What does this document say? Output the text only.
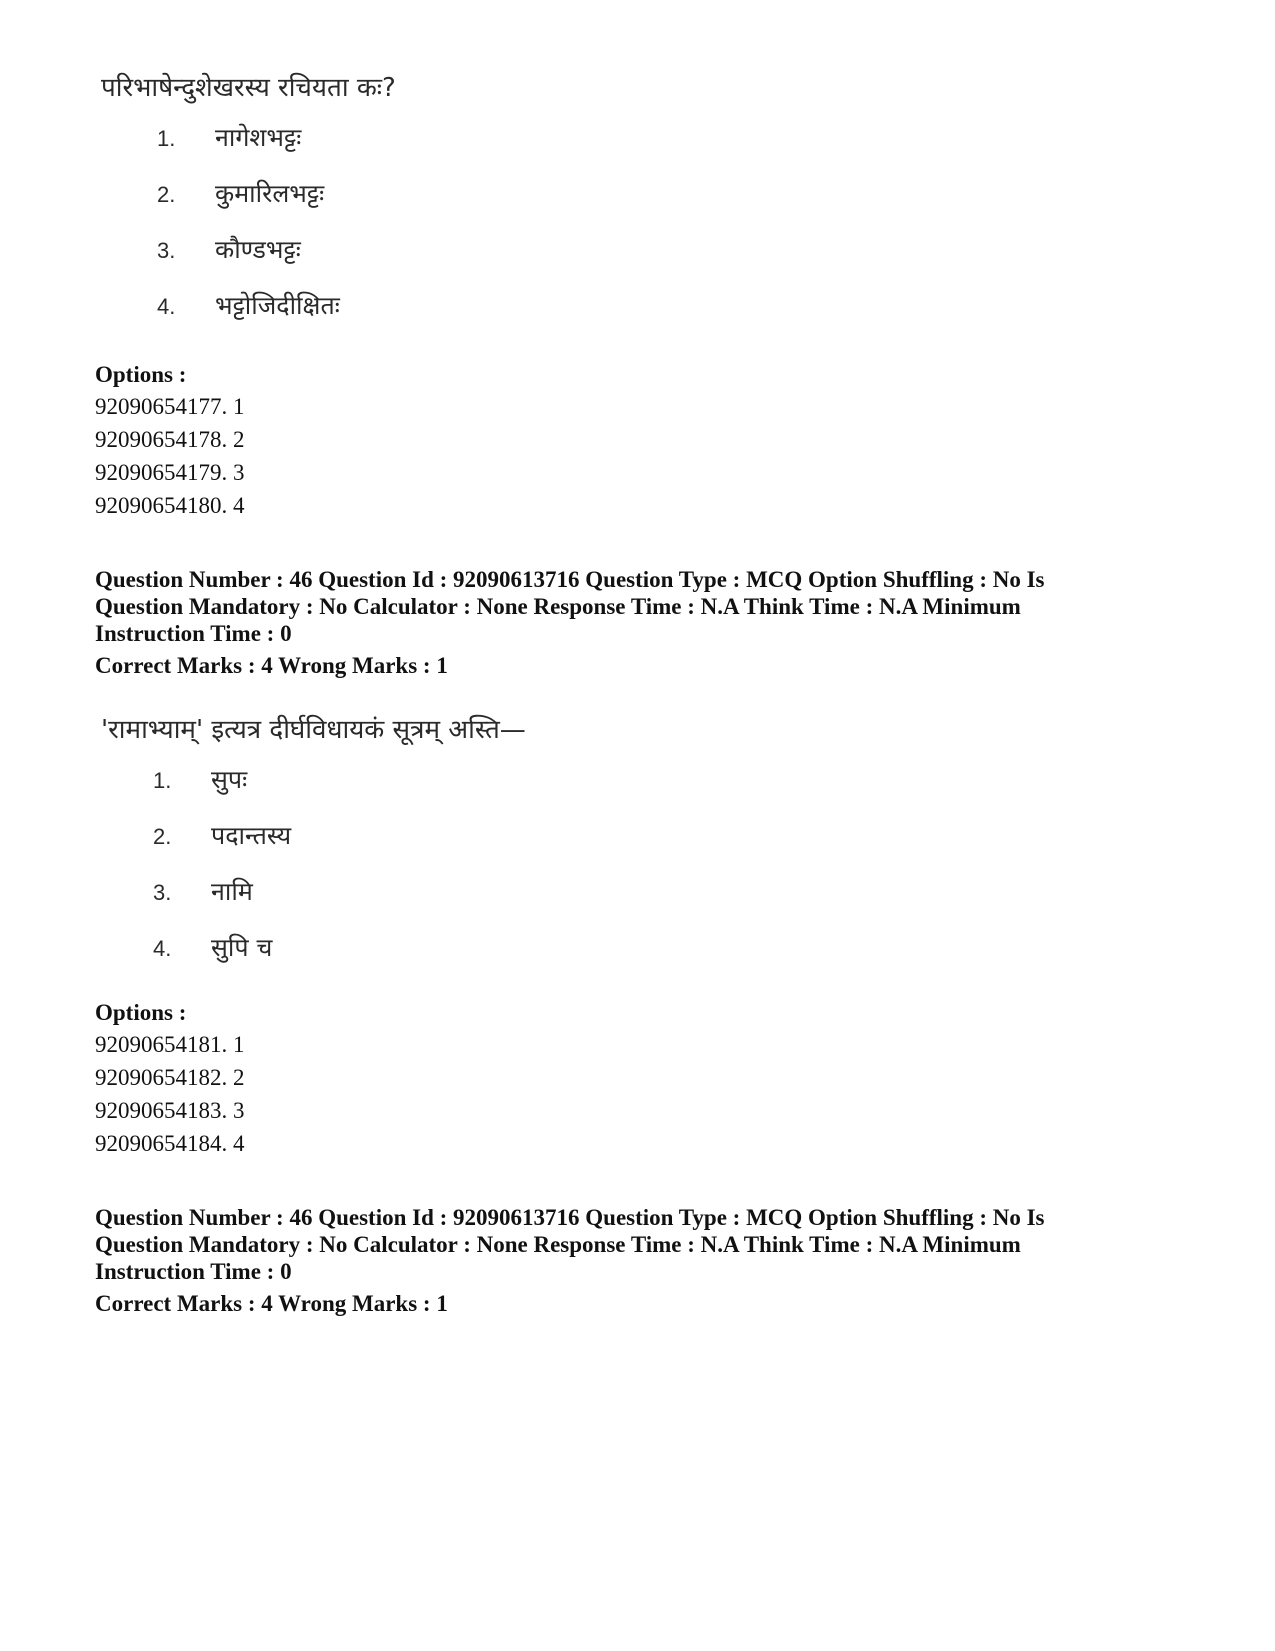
परिभाषेन्दुशेखरस्य रचियता कः?

1.	नागेशभट्टः
2.	कुमारिलभट्टः
3.	कौण्डभट्टः
4.	भट्टोजिदीक्षितः

Options :

92090654177. 1
92090654178. 2
92090654179. 3
92090654180. 4

Question Number : 46 Question Id : 92090613716 Question Type : MCQ Option Shuffling : No Is Question Mandatory : No Calculator : None Response Time : N.A Think Time : N.A Minimum Instruction Time : 0

Correct Marks : 4 Wrong Marks : 1

'रामाभ्याम्' इत्यत्र दीर्घविधायकं सूत्रम् अस्ति—

1.	सुपः
2.	पदान्तस्य
3.	नामि
4.	सुपि च

Options :

92090654181. 1
92090654182. 2
92090654183. 3
92090654184. 4

Question Number : 46 Question Id : 92090613716 Question Type : MCQ Option Shuffling : No Is Question Mandatory : No Calculator : None Response Time : N.A Think Time : N.A Minimum Instruction Time : 0

Correct Marks : 4 Wrong Marks : 1
